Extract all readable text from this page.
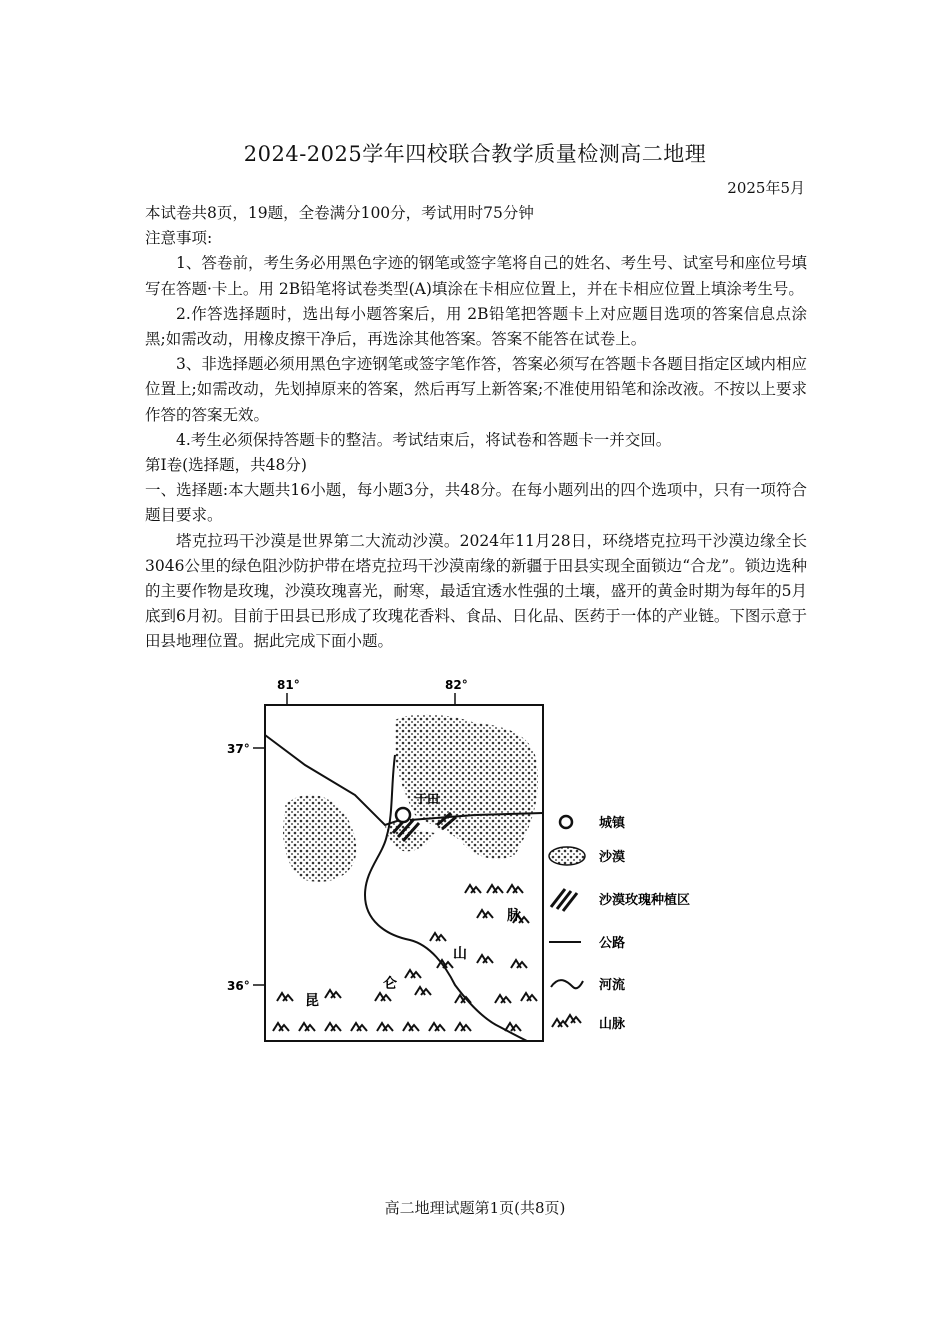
2024-2025学年四校联合教学质量检测高二地理
2025年5月

本试卷共8页，19题，全卷满分100分，考试用时75分钟

注意事项:

1、答卷前，考生务必用黑色字迹的钢笔或签字笔将自己的姓名、考生号、试室号和座位号填写在答题·卡上。用 2B铅笔将试卷类型(A)填涂在卡相应位置上，并在卡相应位置上填涂考生号。

2.作答选择题时，选出每小题答案后，用 2B铅笔把答题卡上对应题目选项的答案信息点涂黑;如需改动，用橡皮擦干净后，再选涂其他答案。答案不能答在试卷上。

3、非选择题必须用黑色字迹钢笔或签字笔作答，答案必须写在答题卡各题目指定区域内相应位置上;如需改动，先划掉原来的答案，然后再写上新答案;不准使用铅笔和涂改液。不按以上要求作答的答案无效。

4.考生必须保持答题卡的整洁。考试结束后，将试卷和答题卡一并交回。

第Ⅰ卷(选择题，共48分)

一、选择题:本大题共16小题，每小题3分，共48分。在每小题列出的四个选项中，只有一项符合题目要求。

塔克拉玛干沙漠是世界第二大流动沙漠。2024年11月28日，环绕塔克拉玛干沙漠边缘全长 3046公里的绿色阻沙防护带在塔克拉玛干沙漠南缘的新疆于田县实现全面锁边“合龙”。锁边选种的主要作物是玫瑰，沙漠玫瑰喜光，耐寒，最适宜透水性强的土壤，盛开的黄金时期为每年的5月底到6月初。目前于田县已形成了玫瑰花香料、食品、日化品、医药于一体的产业链。下图示意于田县地理位置。据此完成下面小题。

81°	82°
37°
36°
于田
昆
仑
山
脉
城镇
沙漠
沙漠玫瑰种植区
公路
河流
山脉
高二地理试题第1页(共8页)
